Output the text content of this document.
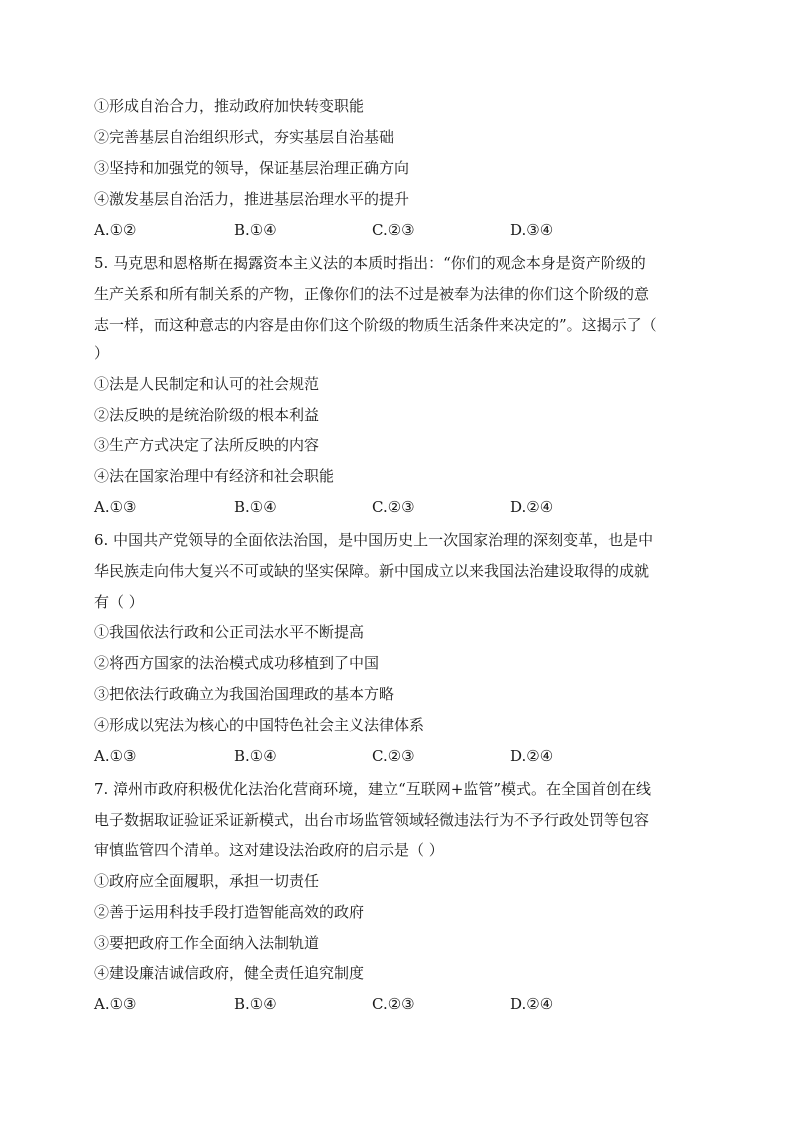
①形成自治合力，推动政府加快转变职能
②完善基层自治组织形式，夯实基层自治基础
③坚持和加强党的领导，保证基层治理正确方向
④激发基层自治活力，推进基层治理水平的提升
A.①②	B.①④	C.②③	D.③④
5. 马克思和恩格斯在揭露资本主义法的本质时指出：“你们的观念本身是资产阶级的
生产关系和所有制关系的产物，正像你们的法不过是被奉为法律的你们这个阶级的意
志一样，而这种意志的内容是由你们这个阶级的物质生活条件来决定的”。这揭示了（
）
①法是人民制定和认可的社会规范
②法反映的是统治阶级的根本利益
③生产方式决定了法所反映的内容
④法在国家治理中有经济和社会职能
A.①③	B.①④	C.②③	D.②④
6. 中国共产党领导的全面依法治国，是中国历史上一次国家治理的深刻变革，也是中
华民族走向伟大复兴不可或缺的坚实保障。新中国成立以来我国法治建设取得的成就
有（ ）
①我国依法行政和公正司法水平不断提高
②将西方国家的法治模式成功移植到了中国
③把依法行政确立为我国治国理政的基本方略
④形成以宪法为核心的中国特色社会主义法律体系
A.①③	B.①④	C.②③	D.②④
7. 漳州市政府积极优化法治化营商环境，建立“互联网+监管”模式。在全国首创在线
电子数据取证验证采证新模式，出台市场监管领域轻微违法行为不予行政处罚等包容
审慎监管四个清单。这对建设法治政府的启示是（ ）
①政府应全面履职，承担一切责任
②善于运用科技手段打造智能高效的政府
③要把政府工作全面纳入法制轨道
④建设廉洁诚信政府，健全责任追究制度
A.①③	B.①④	C.②③	D.②④
